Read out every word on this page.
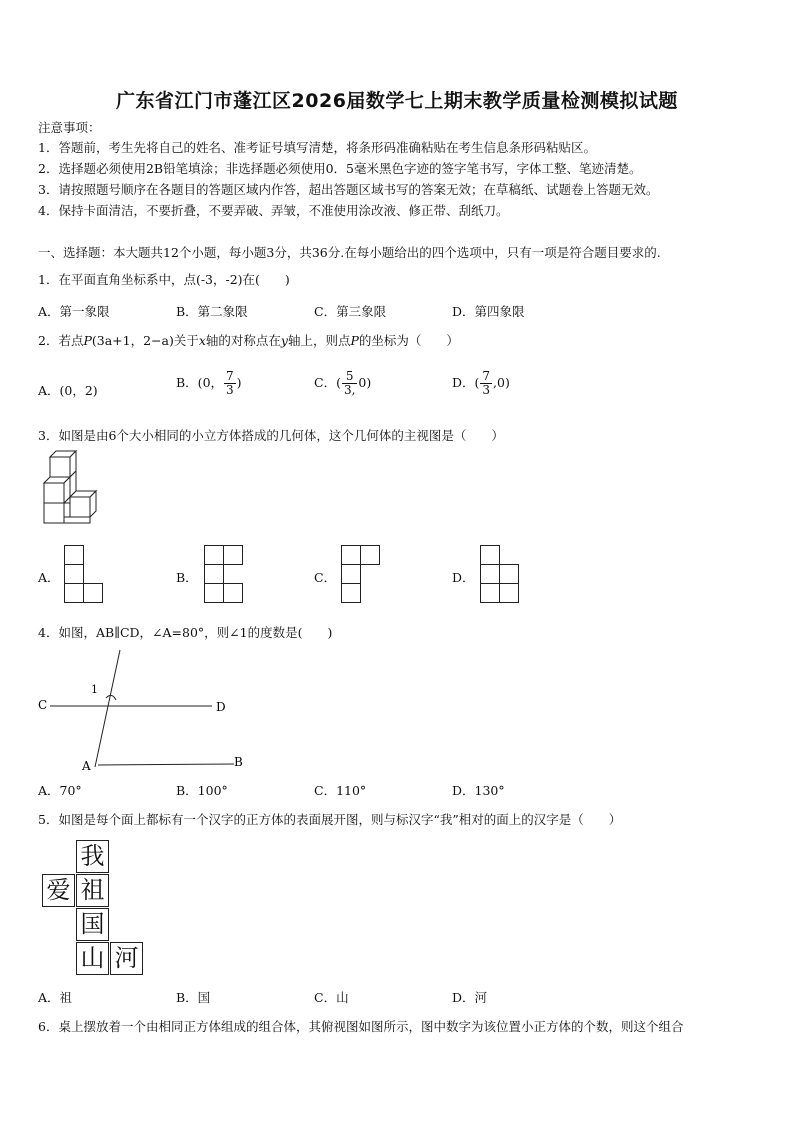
广东省江门市蓬江区2026届数学七上期末教学质量检测模拟试题
注意事项：
1．答题前，考生先将自己的姓名、准考证号填写清楚，将条形码准确粘贴在考生信息条形码粘贴区。
2．选择题必须使用2B铅笔填涂；非选择题必须使用0．5毫米黑色字迹的签字笔书写，字体工整、笔迹清楚。
3．请按照题号顺序在各题目的答题区域内作答，超出答题区域书写的答案无效；在草稿纸、试题卷上答题无效。
4．保持卡面清洁，不要折叠，不要弄破、弄皱，不准使用涂改液、修正带、刮纸刀。
一、选择题：本大题共12个小题，每小题3分，共36分.在每小题给出的四个选项中，只有一项是符合题目要求的.
1．在平面直角坐标系中，点(-3，-2)在(　　)
A．第一象限	B．第二象限	C．第三象限	D．第四象限
2．若点P(3a+1，2−a)关于x轴的对称点在y轴上，则点P的坐标为（　　）
A．(0，2)
B．(0， $\frac{7}{3}$ )	C．( $\frac{5}{3,} 0$)	D．( $\frac{7}{3} ,0$)
3．如图是由6个大小相同的小立方体搭成的几何体，这个几何体的主视图是（　　）
A．	B．	C．	D．
4．如图，AB∥CD，∠A=80°，则∠1的度数是(　　)
C	D
A	B
1
A．70°	B．100°	C．110°	D．130°
5．如图是每个面上都标有一个汉字的正方体的表面展开图，则与标汉字“我”相对的面上的汉字是（　　）
我
爱 祖
国
山 河
A．祖	B．国	C．山	D．河
6．桌上摆放着一个由相同正方体组成的组合体，其俯视图如图所示，图中数字为该位置小正方体的个数，则这个组合
